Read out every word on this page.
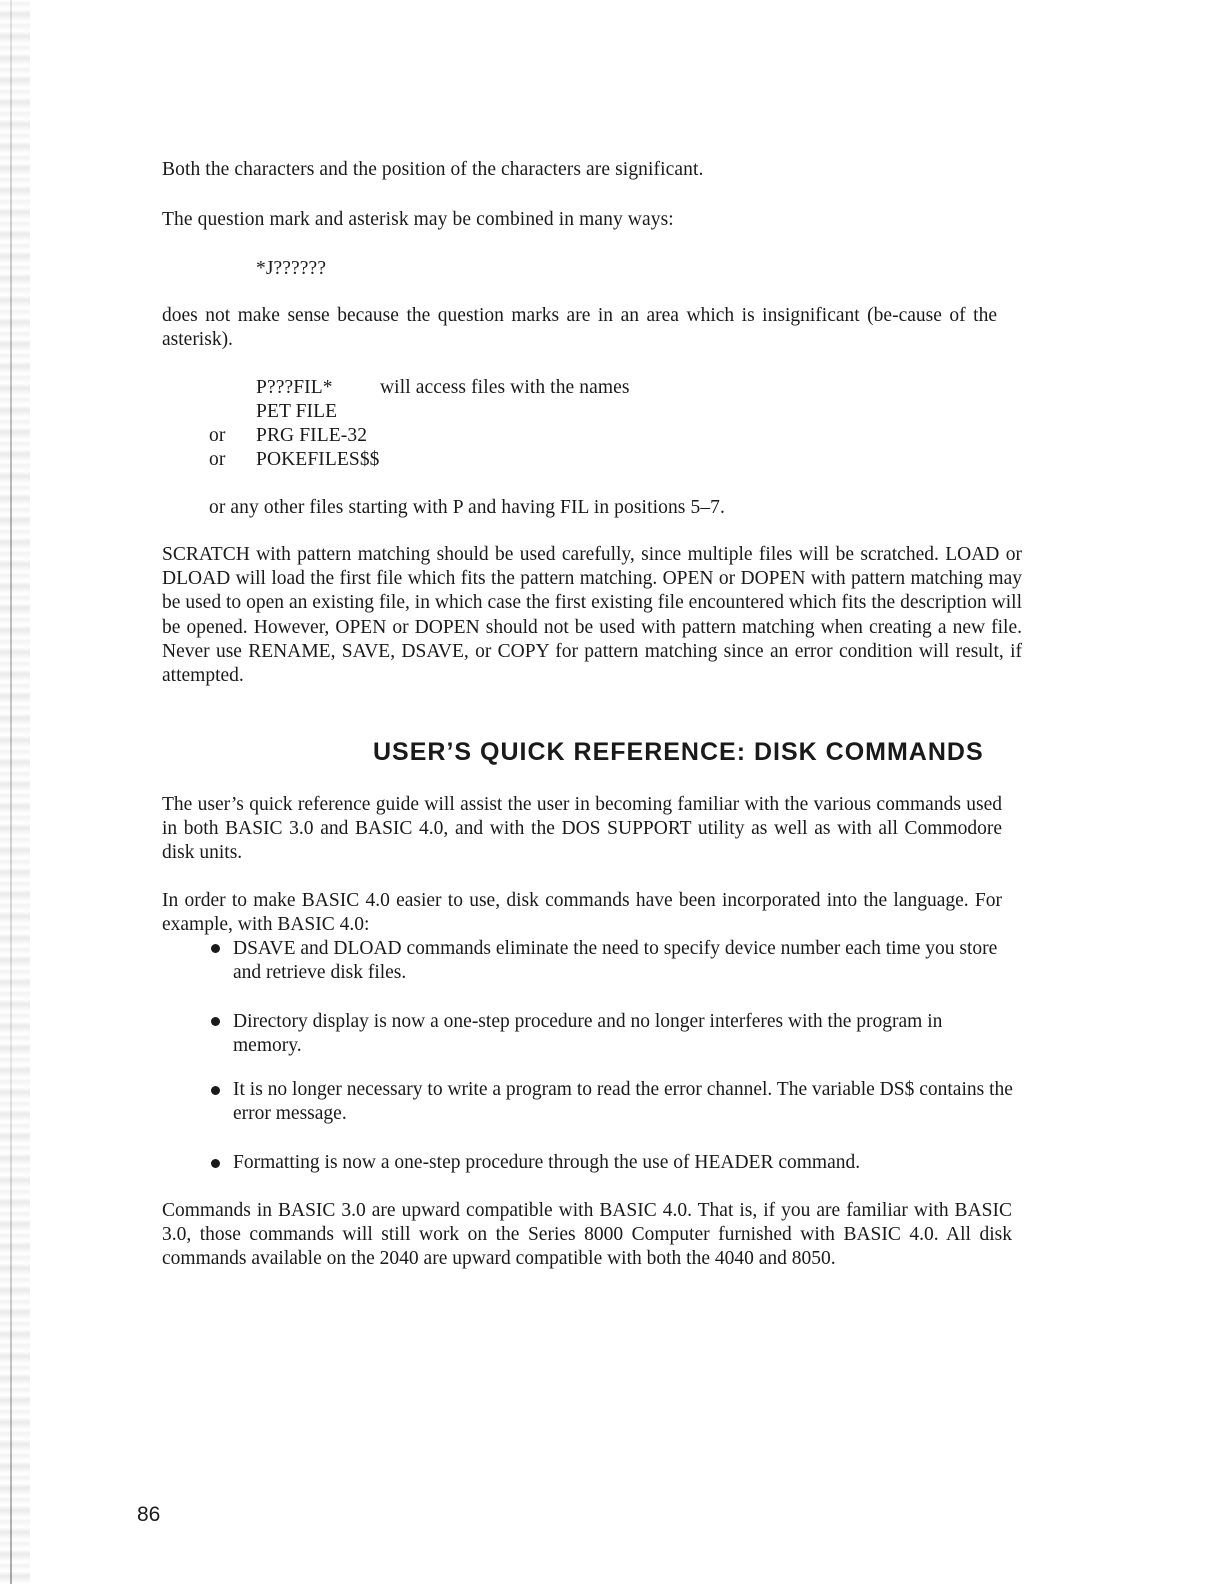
Both the characters and the position of the characters are significant.
The question mark and asterisk may be combined in many ways:
*J??????
does not make sense because the question marks are in an area which is insignificant (be-cause of the asterisk).
P???FIL* will access files with the names
PET FILE
or PRG FILE-32
or POKEFILES$$
or any other files starting with P and having FIL in positions 5–7.
SCRATCH with pattern matching should be used carefully, since multiple files will be scratched. LOAD or DLOAD will load the first file which fits the pattern matching. OPEN or DOPEN with pattern matching may be used to open an existing file, in which case the first existing file encountered which fits the description will be opened. However, OPEN or DOPEN should not be used with pattern matching when creating a new file. Never use RENAME, SAVE, DSAVE, or COPY for pattern matching since an error condition will result, if attempted.
USER’S QUICK REFERENCE: DISK COMMANDS
The user’s quick reference guide will assist the user in becoming familiar with the various commands used in both BASIC 3.0 and BASIC 4.0, and with the DOS SUPPORT utility as well as with all Commodore disk units.
In order to make BASIC 4.0 easier to use, disk commands have been incorporated into the language. For example, with BASIC 4.0:
DSAVE and DLOAD commands eliminate the need to specify device number each time you store and retrieve disk files.
Directory display is now a one-step procedure and no longer interferes with the program in memory.
It is no longer necessary to write a program to read the error channel. The variable DS$ contains the error message.
Formatting is now a one-step procedure through the use of HEADER command.
Commands in BASIC 3.0 are upward compatible with BASIC 4.0. That is, if you are familiar with BASIC 3.0, those commands will still work on the Series 8000 Computer furnished with BASIC 4.0. All disk commands available on the 2040 are upward compatible with both the 4040 and 8050.
86
